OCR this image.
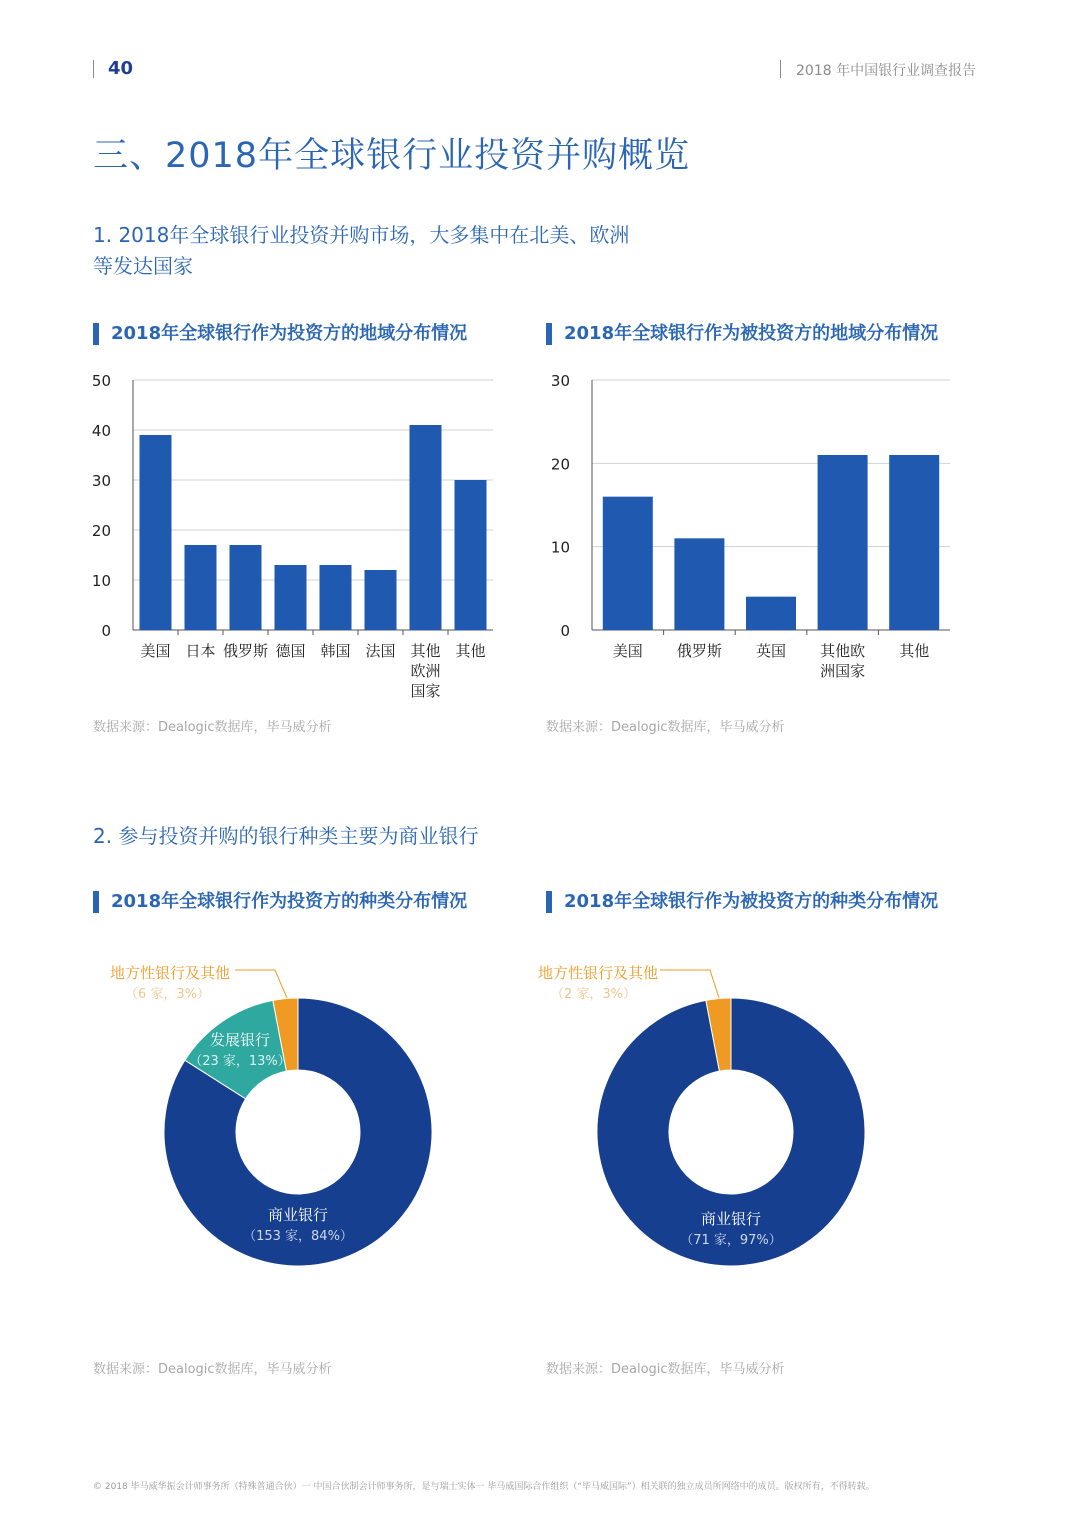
40	2018 年中国银行业调查报告
三、2018年全球银行业投资并购概览
1. 2018年全球银行业投资并购市场，大多集中在北美、欧洲
等发达国家
2018年全球银行作为投资方的地域分布情况	2018年全球银行作为被投资方的地域分布情况
0
10
20
30
40
50
美国 日本 俄罗斯 德国 韩国 法国 其他
欧洲
国家
其他
0
10
20
30
美国 俄罗斯 英国 其他欧
洲国家
其他
数据来源：Dealogic数据库，毕马威分析	数据来源：Dealogic数据库，毕马威分析
2. 参与投资并购的银行种类主要为商业银行
2018年全球银行作为投资方的种类分布情况	2018年全球银行作为被投资方的种类分布情况
商业银行
（153 家，84%）
发展银行
（23 家，13%）
地方性银行及其他
（6 家，3%）
商业银行
（71 家，97%）
地方性银行及其他
（2 家，3%）
数据来源：Dealogic数据库，毕马威分析	数据来源：Dealogic数据库，毕马威分析
© 2018 毕马威华振会计师事务所（特殊普通合伙）一 中国合伙制会计师事务所，是与瑞士实体一 毕马威国际合作组织（“毕马威国际”）相关联的独立成员所网络中的成员。版权所有，不得转载。
